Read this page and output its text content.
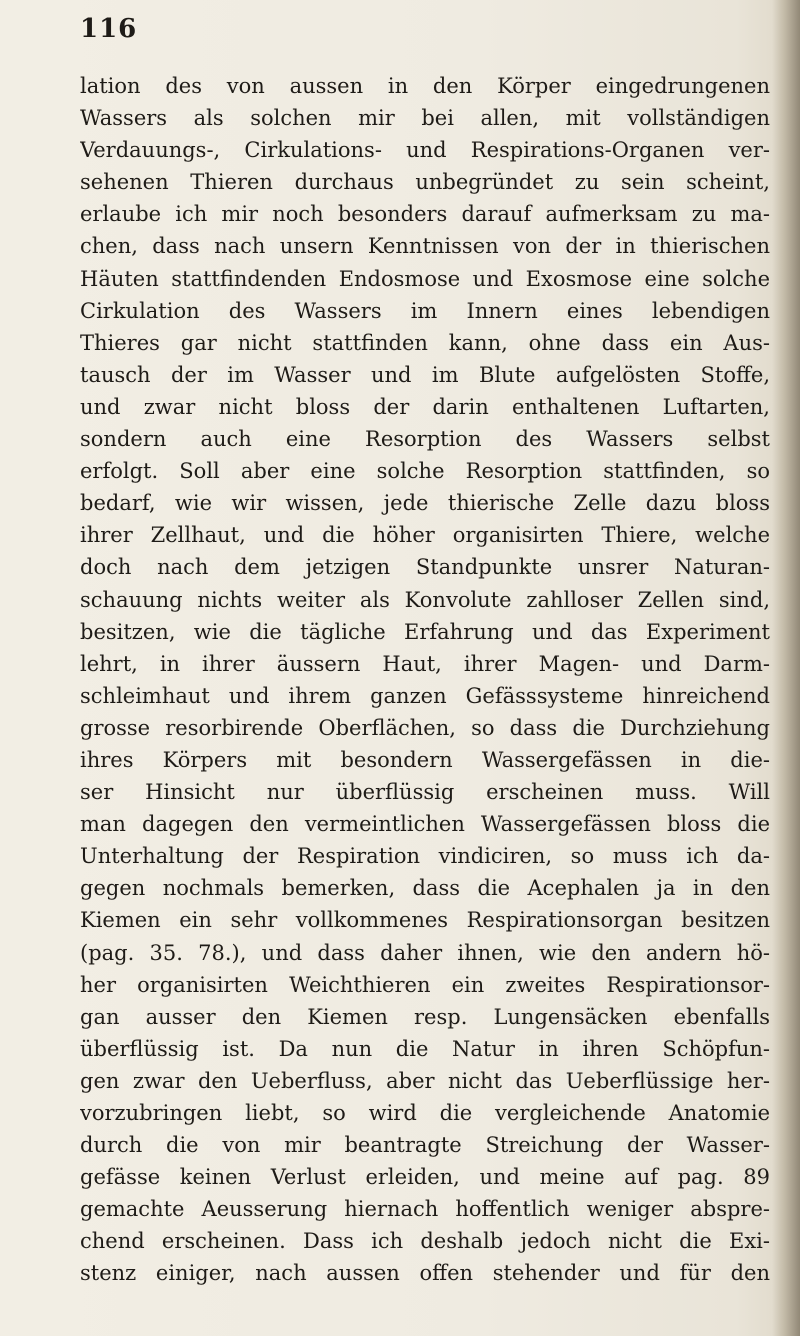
116

lation des von aussen in den Körper eingedrungenen
Wassers als solchen mir bei allen, mit vollständigen
Verdauungs-, Cirkulations- und Respirations-Organen ver-
sehenen Thieren durchaus unbegründet zu sein scheint,
erlaube ich mir noch besonders darauf aufmerksam zu ma-
chen, dass nach unsern Kenntnissen von der in thierischen
Häuten stattfindenden Endosmose und Exosmose eine solche
Cirkulation des Wassers im Innern eines lebendigen
Thieres gar nicht stattfinden kann, ohne dass ein Aus-
tausch der im Wasser und im Blute aufgelösten Stoffe,
und zwar nicht bloss der darin enthaltenen Luftarten,
sondern auch eine Resorption des Wassers selbst
erfolgt. Soll aber eine solche Resorption stattfinden, so
bedarf, wie wir wissen, jede thierische Zelle dazu bloss
ihrer Zellhaut, und die höher organisirten Thiere, welche
doch nach dem jetzigen Standpunkte unsrer Naturan-
schauung nichts weiter als Konvolute zahlloser Zellen sind,
besitzen, wie die tägliche Erfahrung und das Experiment
lehrt, in ihrer äussern Haut, ihrer Magen- und Darm-
schleimhaut und ihrem ganzen Gefässsysteme hinreichend
grosse resorbirende Oberflächen, so dass die Durchziehung
ihres Körpers mit besondern Wassergefässen in die-
ser Hinsicht nur überflüssig erscheinen muss. Will
man dagegen den vermeintlichen Wassergefässen bloss die
Unterhaltung der Respiration vindiciren, so muss ich da-
gegen nochmals bemerken, dass die Acephalen ja in den
Kiemen ein sehr vollkommenes Respirationsorgan besitzen
(pag. 35. 78.), und dass daher ihnen, wie den andern hö-
her organisirten Weichthieren ein zweites Respirationsor-
gan ausser den Kiemen resp. Lungensäcken ebenfalls
überflüssig ist. Da nun die Natur in ihren Schöpfun-
gen zwar den Ueberfluss, aber nicht das Ueberflüssige her-
vorzubringen liebt, so wird die vergleichende Anatomie
durch die von mir beantragte Streichung der Wasser-
gefässe keinen Verlust erleiden, und meine auf pag. 89
gemachte Aeusserung hiernach hoffentlich weniger abspre-
chend erscheinen. Dass ich deshalb jedoch nicht die Exi-
stenz einiger, nach aussen offen stehender und für den
